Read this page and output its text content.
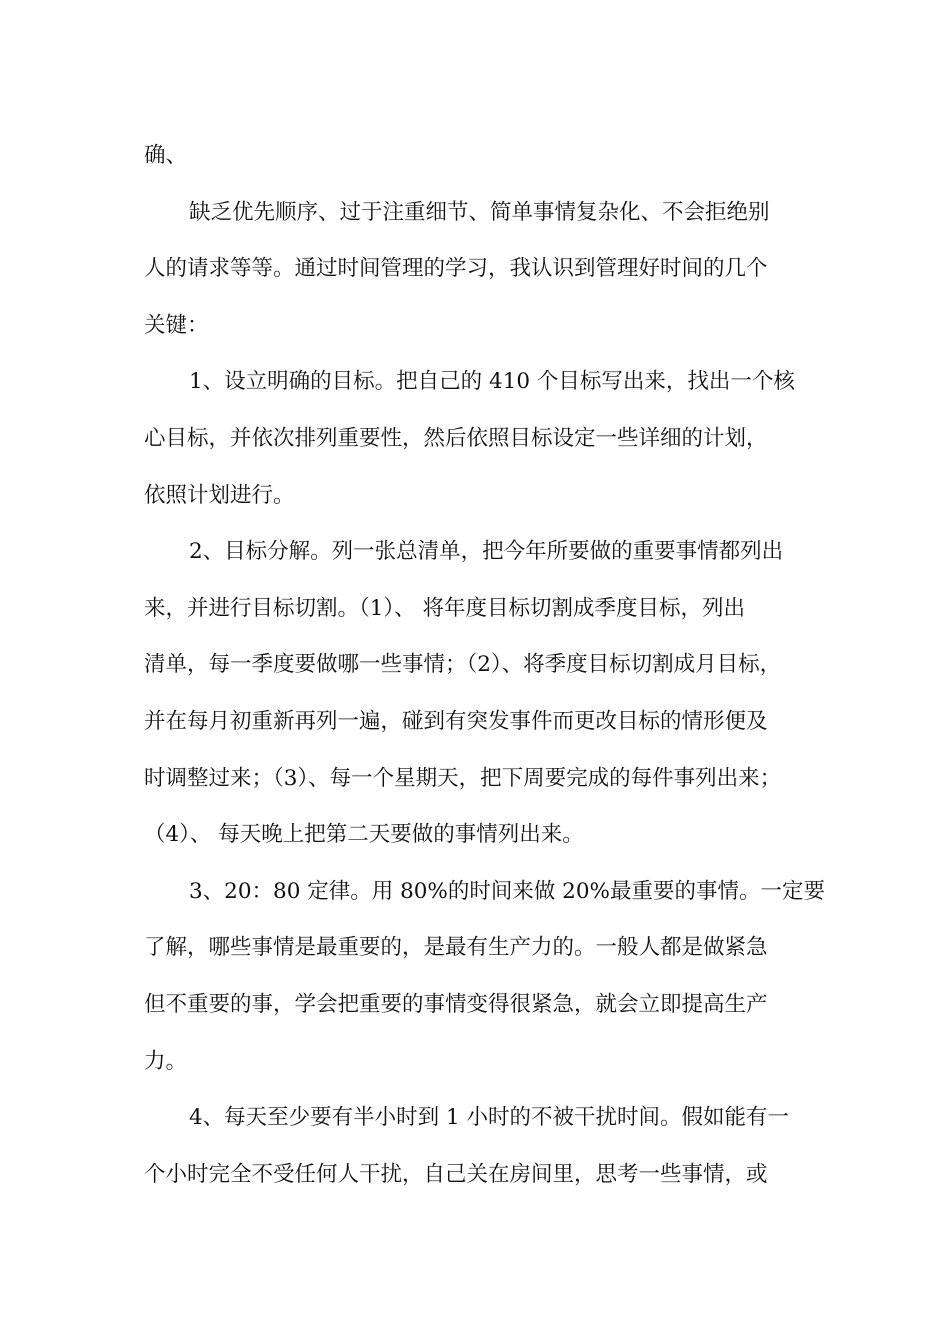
确、
缺乏优先顺序、过于注重细节、简单事情复杂化、不会拒绝别
人的请求等等。通过时间管理的学习，我认识到管理好时间的几个
关键：
1、设立明确的目标。把自己的 410 个目标写出来，找出一个核
心目标，并依次排列重要性，然后依照目标设定一些详细的计划，
依照计划进行。
2、目标分解。列一张总清单，把今年所要做的重要事情都列出
来，并进行目标切割。（1）、 将年度目标切割成季度目标，列出
清单，每一季度要做哪一些事情；（2）、将季度目标切割成月目标，
并在每月初重新再列一遍，碰到有突发事件而更改目标的情形便及
时调整过来；（3）、每一个星期天，把下周要完成的每件事列出来；
（4）、 每天晚上把第二天要做的事情列出来。
3、20：80 定律。用 80%的时间来做 20%最重要的事情。一定要
了解，哪些事情是最重要的，是最有生产力的。一般人都是做紧急
但不重要的事，学会把重要的事情变得很紧急，就会立即提高生产
力。
4、每天至少要有半小时到 1 小时的不被干扰时间。假如能有一
个小时完全不受任何人干扰，自己关在房间里，思考一些事情，或
